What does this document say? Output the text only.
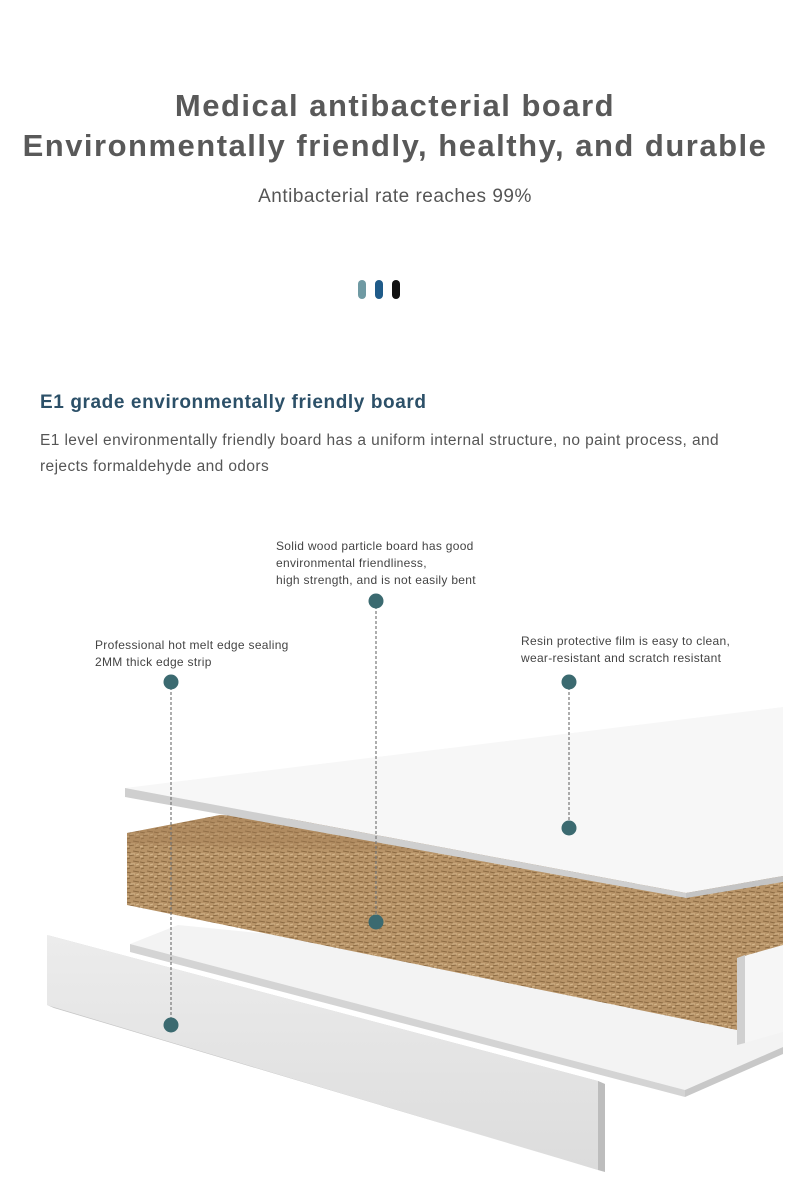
Medical antibacterial board
Environmentally friendly, healthy, and durable
Antibacterial rate reaches 99%
E1 grade environmentally friendly board

E1 level environmentally friendly board has a uniform internal structure, no paint process, and rejects formaldehyde and odors

Solid wood particle board has good
environmental friendliness,
high strength, and is not easily bent
Professional hot melt edge sealing
2MM thick edge strip
Resin protective film is easy to clean,
wear-resistant and scratch resistant
